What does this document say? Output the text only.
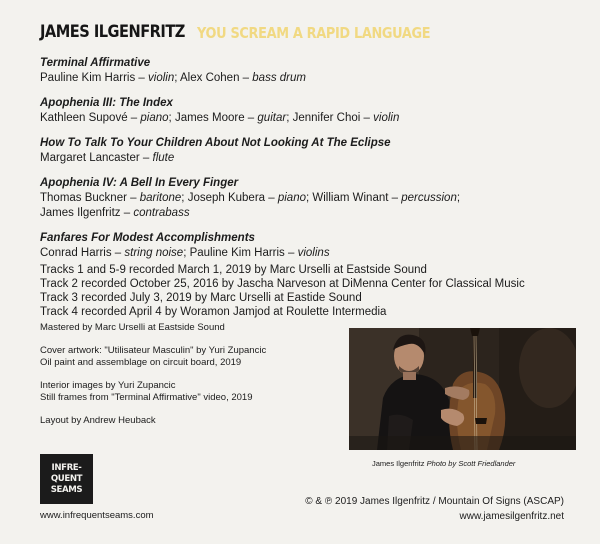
JAMES ILGENFRITZ YOU SCREAM A RAPID LANGUAGE
Terminal Affirmative
Pauline Kim Harris – violin; Alex Cohen – bass drum
Apophenia III: The Index
Kathleen Supové – piano; James Moore – guitar; Jennifer Choi – violin
How To Talk To Your Children About Not Looking At The Eclipse
Margaret Lancaster – flute
Apophenia IV: A Bell In Every Finger
Thomas Buckner – baritone; Joseph Kubera – piano; William Winant – percussion;
James Ilgenfritz – contrabass
Fanfares For Modest Accomplishments
Conrad Harris – string noise; Pauline Kim Harris – violins
Tracks 1 and 5-9 recorded March 1, 2019 by Marc Urselli at Eastside Sound
Track 2 recorded October 25, 2016 by Jascha Narveson at DiMenna Center for Classical Music
Track 3 recorded July 3, 2019 by Marc Urselli at Eastide Sound
Track 4 recorded April 4 by Woramon Jamjod at Roulette Intermedia
Mastered by Marc Urselli at Eastside Sound
Cover artwork: "Utilisateur Masculin" by Yuri Zupancic
Oil paint and assemblage on circuit board, 2019
Interior images by Yuri Zupancic
Still frames from "Terminal Affirmative" video, 2019
Layout by Andrew Heuback
James Ilgenfritz Photo by Scott Friedlander
INFRE-
QUENT
SEAMS
www.infrequentseams.com
© & ℗ 2019 James Ilgenfritz / Mountain Of Signs (ASCAP)
www.jamesilgenfritz.net
